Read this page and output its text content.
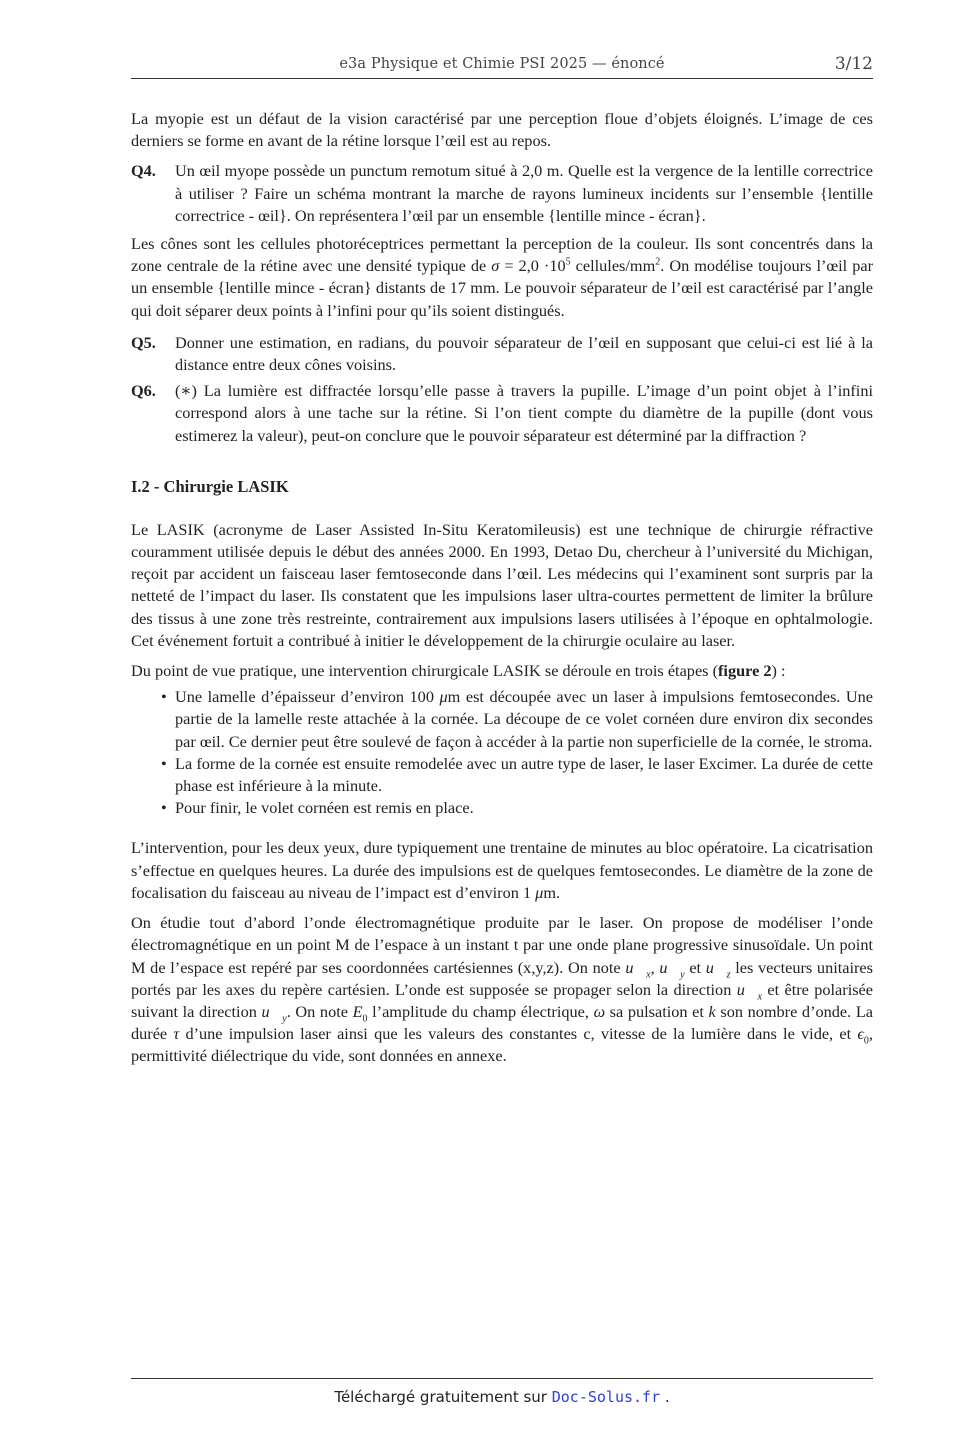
e3a Physique et Chimie PSI 2025 — énoncé	3/12

La myopie est un défaut de la vision caractérisé par une perception floue d’objets éloignés. L’image de ces derniers se forme en avant de la rétine lorsque l’œil est au repos.

Q4.	Un œil myope possède un punctum remotum situé à 2,0 m. Quelle est la vergence de la lentille correctrice à utiliser ? Faire un schéma montrant la marche de rayons lumineux incidents sur l’ensemble {lentille correctrice - œil}. On représentera l’œil par un ensemble {lentille mince - écran}.

Les cônes sont les cellules photoréceptrices permettant la perception de la couleur. Ils sont concentrés dans la zone centrale de la rétine avec une densité typique de $\sigma = 2,0 \cdot 10^5$ cellules/$mm^2$. On modélise toujours l’œil par un ensemble {lentille mince - écran} distants de 17 mm. Le pouvoir séparateur de l’œil est caractérisé par l’angle qui doit séparer deux points à l’infini pour qu’ils soient distingués.

Q5.	Donner une estimation, en radians, du pouvoir séparateur de l’œil en supposant que celui-ci est lié à la distance entre deux cônes voisins.
Q6.	(∗) La lumière est diffractée lorsqu’elle passe à travers la pupille. L’image d’un point objet à l’infini correspond alors à une tache sur la rétine. Si l’on tient compte du diamètre de la pupille (dont vous estimerez la valeur), peut-on conclure que le pouvoir séparateur est déterminé par la diffraction ?
I.2 - Chirurgie LASIK

Le LASIK (acronyme de Laser Assisted In-Situ Keratomileusis) est une technique de chirurgie réfractive couramment utilisée depuis le début des années 2000. En 1993, Detao Du, chercheur à l’université du Michigan, reçoit par accident un faisceau laser femtoseconde dans l’œil. Les médecins qui l’examinent sont surpris par la netteté de l’impact du laser. Ils constatent que les impulsions laser ultra-courtes permettent de limiter la brûlure des tissus à une zone très restreinte, contrairement aux impulsions lasers utilisées à l’époque en ophtalmologie. Cet événement fortuit a contribué à initier le développement de la chirurgie oculaire au laser.

Du point de vue pratique, une intervention chirurgicale LASIK se déroule en trois étapes (figure 2) :

• Une lamelle d’épaisseur d’environ 100 μm est découpée avec un laser à impulsions femtosecondes. Une partie de la lamelle reste attachée à la cornée. La découpe de ce volet cornéen dure environ dix secondes par œil. Ce dernier peut être soulevé de façon à accéder à la partie non superficielle de la cornée, le stroma.
• La forme de la cornée est ensuite remodelée avec un autre type de laser, le laser Excimer. La durée de cette phase est inférieure à la minute.
• Pour finir, le volet cornéen est remis en place.

L’intervention, pour les deux yeux, dure typiquement une trentaine de minutes au bloc opératoire. La cicatrisation s’effectue en quelques heures. La durée des impulsions est de quelques femtosecondes. Le diamètre de la zone de focalisation du faisceau au niveau de l’impact est d’environ 1 μm.

On étudie tout d’abord l’onde électromagnétique produite par le laser. On propose de modéliser l’onde électromagnétique en un point M de l’espace à un instant t par une onde plane progressive sinusoïdale. Un point M de l’espace est repéré par ses coordonnées cartésiennes (x,y,z). On note $u⃗_x$, $u⃗_y$ et $u⃗_z$ les vecteurs unitaires portés par les axes du repère cartésien. L’onde est supposée se propager selon la direction $u⃗_x$ et être polarisée suivant la direction $u⃗_y$. On note $E_0$ l’amplitude du champ électrique, ω sa pulsation et k son nombre d’onde. La durée τ d’une impulsion laser ainsi que les valeurs des constantes c, vitesse de la lumière dans le vide, et $\epsilon_0$, permittivité diélectrique du vide, sont données en annexe.

Téléchargé gratuitement sur Doc-Solus.fr .
